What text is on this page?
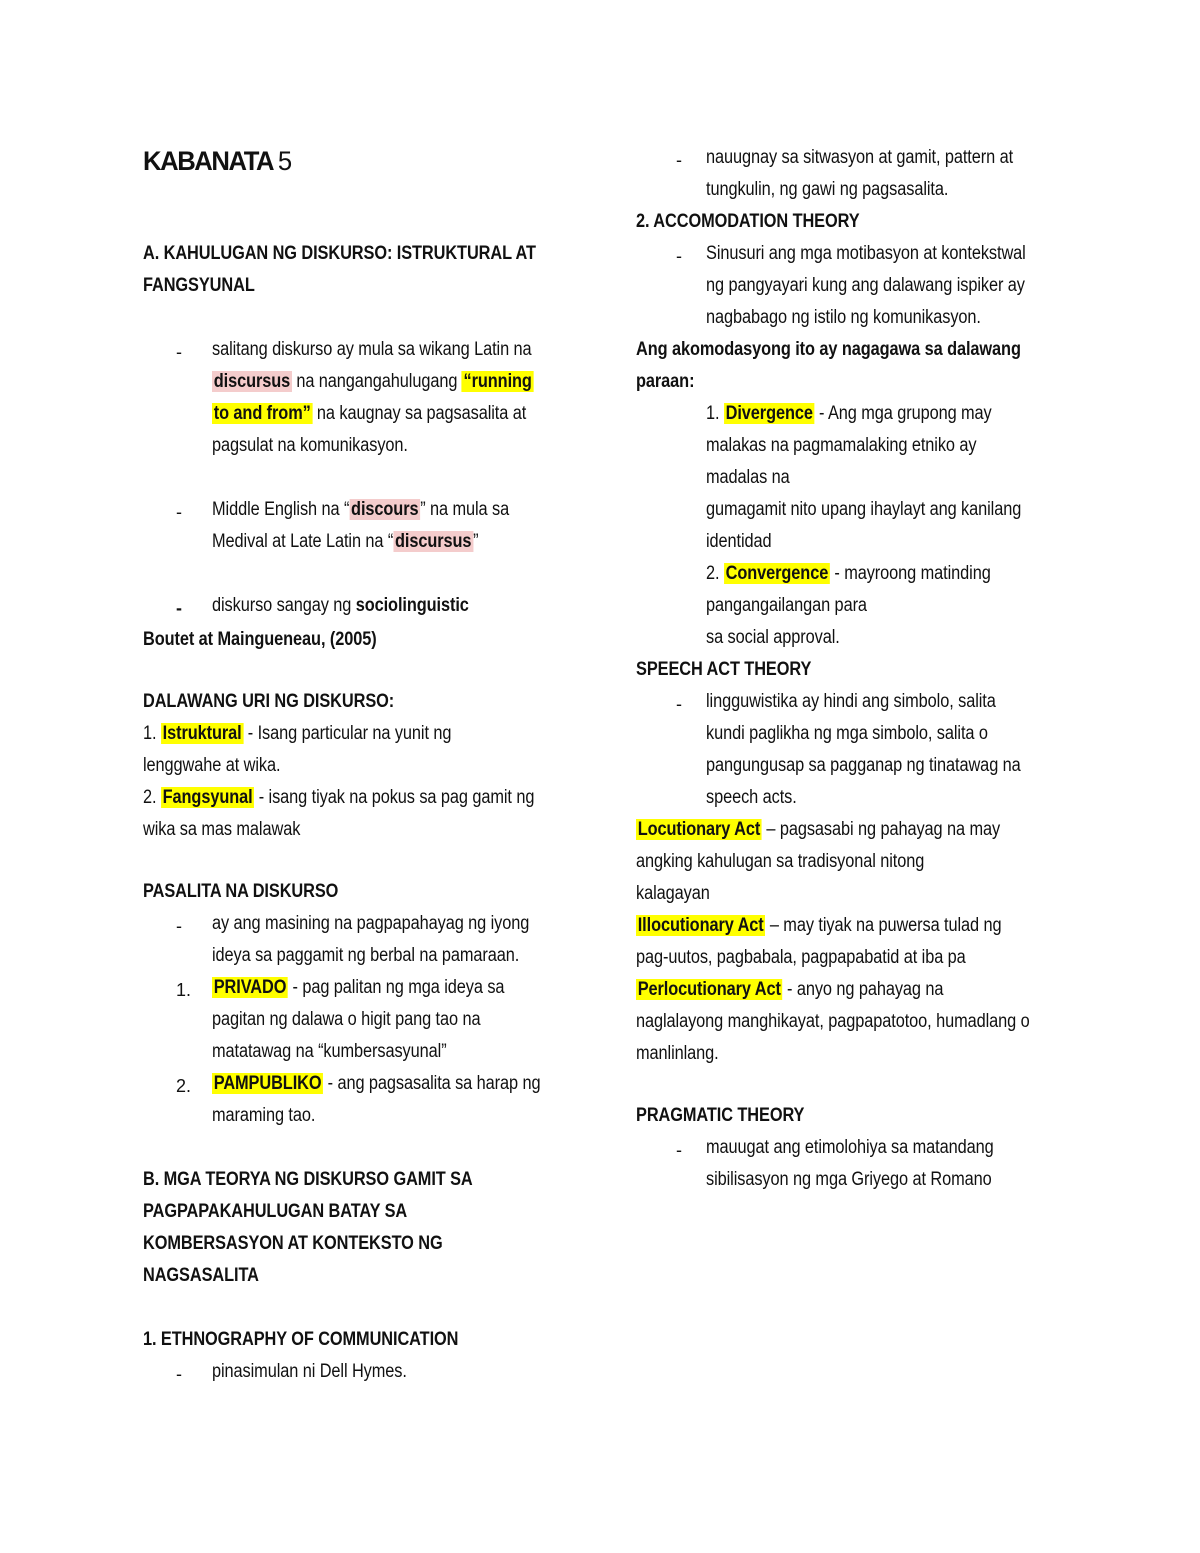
KABANATA 5
A. KAHULUGAN NG DISKURSO: ISTRUKTURAL AT
FANGSYUNAL
- salitang diskurso ay mula sa wikang Latin na
discursus na nangangahulugang “running
to and from” na kaugnay sa pagsasalita at
pagsulat na komunikasyon.
- Middle English na “discours” na mula sa
Medival at Late Latin na “discursus”
- diskurso sangay ng sociolinguistic
Boutet at Maingueneau, (2005)
DALAWANG URI NG DISKURSO:
1. Istruktural - Isang particular na yunit ng
lenggwahe at wika.
2. Fangsyunal - isang tiyak na pokus sa pag gamit ng
wika sa mas malawak
PASALITA NA DISKURSO
- ay ang masining na pagpapahayag ng iyong
ideya sa paggamit ng berbal na pamaraan.
1. PRIVADO - pag palitan ng mga ideya sa
pagitan ng dalawa o higit pang tao na
matatawag na “kumbersasyunal”
2. PAMPUBLIKO - ang pagsasalita sa harap ng
maraming tao.
B. MGA TEORYA NG DISKURSO GAMIT SA
PAGPAPAKAHULUGAN BATAY SA
KOMBERSASYON AT KONTEKSTO NG
NAGSASALITA
1. ETHNOGRAPHY OF COMMUNICATION
- pinasimulan ni Dell Hymes.
- nauugnay sa sitwasyon at gamit, pattern at
tungkulin, ng gawi ng pagsasalita.
2. ACCOMODATION THEORY
- Sinusuri ang mga motibasyon at kontekstwal
ng pangyayari kung ang dalawang ispiker ay
nagbabago ng istilo ng komunikasyon.
Ang akomodasyong ito ay nagagawa sa dalawang
paraan:
1. Divergence - Ang mga grupong may
malakas na pagmamalaking etniko ay
madalas na
gumagamit nito upang ihaylayt ang kanilang
identidad
2. Convergence - mayroong matinding
pangangailangan para
sa social approval.
SPEECH ACT THEORY
- lingguwistika ay hindi ang simbolo, salita
kundi paglikha ng mga simbolo, salita o
pangungusap sa pagganap ng tinatawag na
speech acts.
Locutionary Act – pagsasabi ng pahayag na may
angking kahulugan sa tradisyonal nitong
kalagayan
Illocutionary Act – may tiyak na puwersa tulad ng
pag-uutos, pagbabala, pagpapabatid at iba pa
Perlocutionary Act - anyo ng pahayag na
naglalayong manghikayat, pagpapatotoo, humadlang o
manlinlang.
PRAGMATIC THEORY
- mauugat ang etimolohiya sa matandang
sibilisasyon ng mga Griyego at Romano
